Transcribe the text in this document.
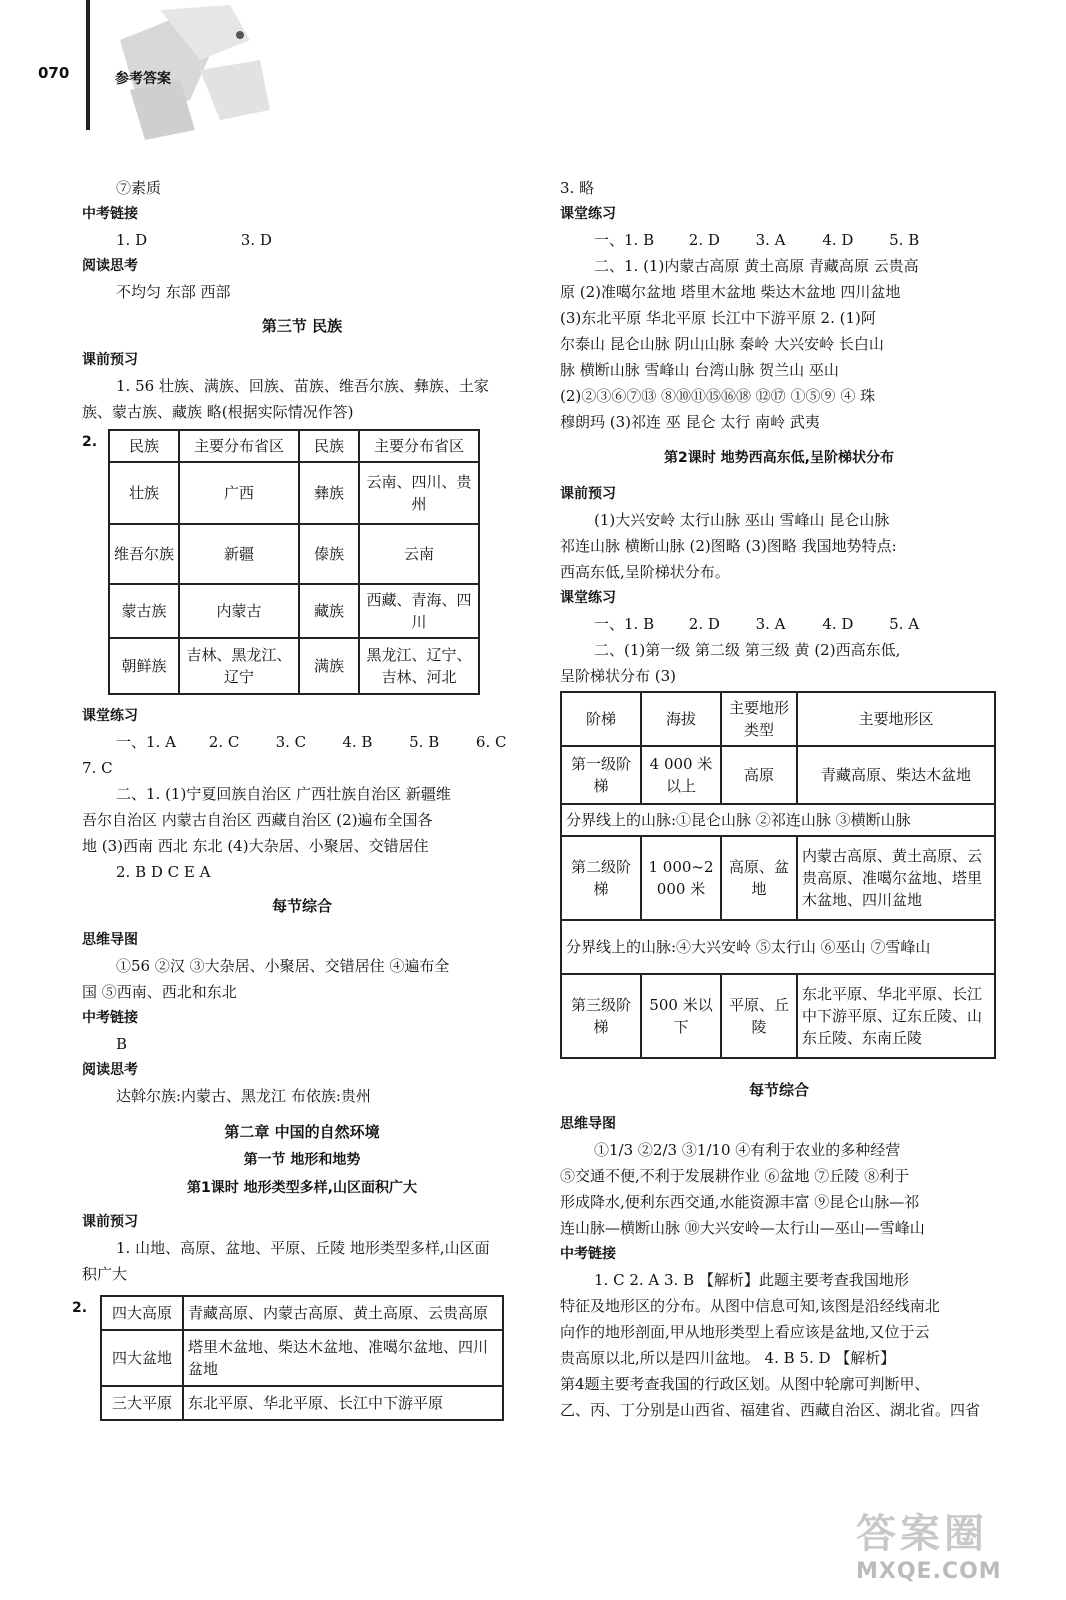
070	参考答案
⑦素质
中考链接
1. D	3. D
阅读思考
不均匀 东部 西部
第三节 民族
课前预习
1. 56 壮族、满族、回族、苗族、维吾尔族、彝族、土家
族、蒙古族、藏族 略(根据实际情况作答)
2. 民族	主要分布省区	民族	主要分布省区
壮族	广西	彝族	云南、四川、贵州
维吾尔族	新疆	傣族	云南
蒙古族	内蒙古	藏族	西藏、青海、四川
朝鲜族	吉林、黑龙江、辽宁	满族	黑龙江、辽宁、吉林、河北
课堂练习
一、1. A 2. C 3. C 4. B 5. B 6. C
7. C
二、1. (1)宁夏回族自治区 广西壮族自治区 新疆维
吾尔自治区 内蒙古自治区 西藏自治区 (2)遍布全国各
地 (3)西南 西北 东北 (4)大杂居、小聚居、交错居住
2. B D C E A
每节综合
思维导图
①56 ②汉 ③大杂居、小聚居、交错居住 ④遍布全
国 ⑤西南、西北和东北
中考链接
B
阅读思考
达斡尔族:内蒙古、黑龙江 布依族:贵州
第二章 中国的自然环境
第一节 地形和地势
第1课时 地形类型多样,山区面积广大
课前预习
1. 山地、高原、盆地、平原、丘陵 地形类型多样,山区面
积广大
2. 四大高原	青藏高原、内蒙古高原、黄土高原、云贵高原
四大盆地	塔里木盆地、柴达木盆地、准噶尔盆地、四川盆地
三大平原	东北平原、华北平原、长江中下游平原
3. 略
课堂练习
一、1. B 2. D 3. A 4. D 5. B
二、1. (1)内蒙古高原 黄土高原 青藏高原 云贵高
原 (2)准噶尔盆地 塔里木盆地 柴达木盆地 四川盆地
(3)东北平原 华北平原 长江中下游平原 2. (1)阿
尔泰山 昆仑山脉 阴山山脉 秦岭 大兴安岭 长白山
脉 横断山脉 雪峰山 台湾山脉 贺兰山 巫山
(2)②③⑥⑦⑬ ⑧⑩⑪⑮⑯⑱ ⑫⑰ ①⑤⑨ ④ 珠
穆朗玛 (3)祁连 巫 昆仑 太行 南岭 武夷
第2课时 地势西高东低,呈阶梯状分布
课前预习
(1)大兴安岭 太行山脉 巫山 雪峰山 昆仑山脉
祁连山脉 横断山脉 (2)图略 (3)图略 我国地势特点:
西高东低,呈阶梯状分布。
课堂练习
一、1. B 2. D 3. A 4. D 5. A
二、(1)第一级 第二级 第三级 黄 (2)西高东低,
呈阶梯状分布 (3)
阶梯	海拔	主要地形类型	主要地形区
第一级阶梯	4 000 米以上	高原	青藏高原、柴达木盆地
分界线上的山脉:①昆仑山脉 ②祁连山脉 ③横断山脉			
第二级阶梯	1 000~2 000 米	高原、盆地	内蒙古高原、黄土高原、云贵高原、准噶尔盆地、塔里木盆地、四川盆地
分界线上的山脉:④大兴安岭 ⑤太行山 ⑥巫山 ⑦雪峰山			
第三级阶梯	500 米以下	平原、丘陵	东北平原、华北平原、长江中下游平原、辽东丘陵、山东丘陵、东南丘陵
每节综合
思维导图
①1/3 ②2/3 ③1/10 ④有利于农业的多种经营
⑤交通不便,不利于发展耕作业 ⑥盆地 ⑦丘陵 ⑧利于
形成降水,便利东西交通,水能资源丰富 ⑨昆仑山脉—祁
连山脉—横断山脉 ⑩大兴安岭—太行山—巫山—雪峰山
中考链接
1. C 2. A 3. B 【解析】此题主要考查我国地形
特征及地形区的分布。从图中信息可知,该图是沿经线南北
向作的地形剖面,甲从地形类型上看应该是盆地,又位于云
贵高原以北,所以是四川盆地。 4. B 5. D 【解析】
第4题主要考查我国的行政区划。从图中轮廓可判断甲、
乙、丙、丁分别是山西省、福建省、西藏自治区、湖北省。四省
答案圈
MXQE.COM
